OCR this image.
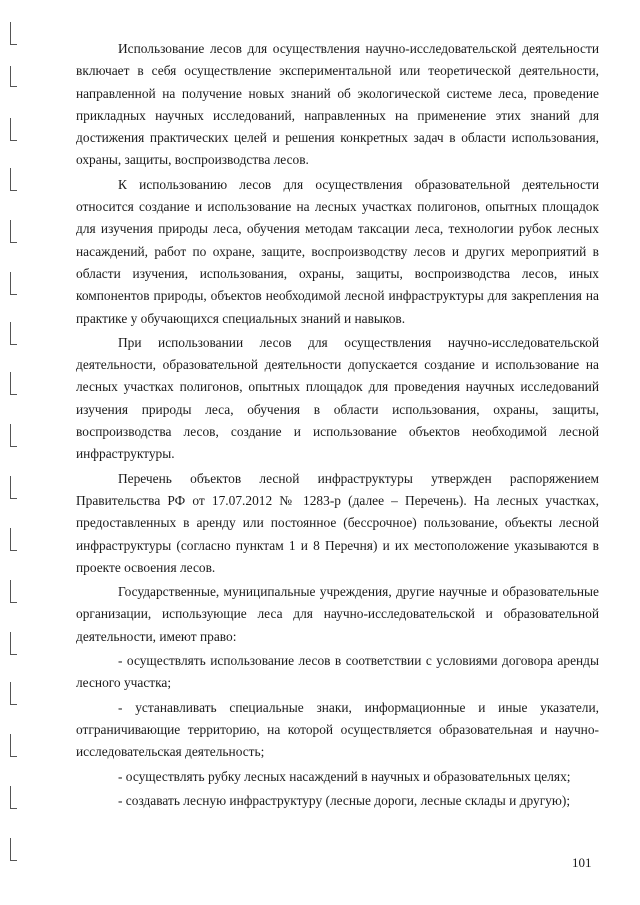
Использование лесов для осуществления научно-исследовательской деятельности включает в себя осуществление экспериментальной или теоретической деятельности, направленной на получение новых знаний об экологической системе леса, проведение прикладных научных исследований, направленных на применение этих знаний для достижения практических целей и решения конкретных задач в области использования, охраны, защиты, воспроизводства лесов.

К использованию лесов для осуществления образовательной деятельности относится создание и использование на лесных участках полигонов, опытных площадок для изучения природы леса, обучения методам таксации леса, технологии рубок лесных насаждений, работ по охране, защите, воспроизводству лесов и других мероприятий в области изучения, использования, охраны, защиты, воспроизводства лесов, иных компонентов природы, объектов необходимой лесной инфраструктуры для закрепления на практике у обучающихся специальных знаний и навыков.

При использовании лесов для осуществления научно-исследовательской деятельности, образовательной деятельности допускается создание и использование на лесных участках полигонов, опытных площадок для проведения научных исследований изучения природы леса, обучения в области использования, охраны, защиты, воспроизводства лесов, создание и использование объектов необходимой лесной инфраструктуры.

Перечень объектов лесной инфраструктуры утвержден распоряжением Правительства РФ от 17.07.2012 № 1283-р (далее – Перечень). На лесных участках, предоставленных в аренду или постоянное (бессрочное) пользование, объекты лесной инфраструктуры (согласно пунктам 1 и 8 Перечня) и их местоположение указываются в проекте освоения лесов.

Государственные, муниципальные учреждения, другие научные и образовательные организации, использующие леса для научно-исследовательской и образовательной деятельности, имеют право:

- осуществлять использование лесов в соответствии с условиями договора аренды лесного участка;

- устанавливать специальные знаки, информационные и иные указатели, отграничивающие территорию, на которой осуществляется образовательная и научно-исследовательская деятельность;

- осуществлять рубку лесных насаждений в научных и образовательных целях;

- создавать лесную инфраструктуру (лесные дороги, лесные склады и другую);

101
